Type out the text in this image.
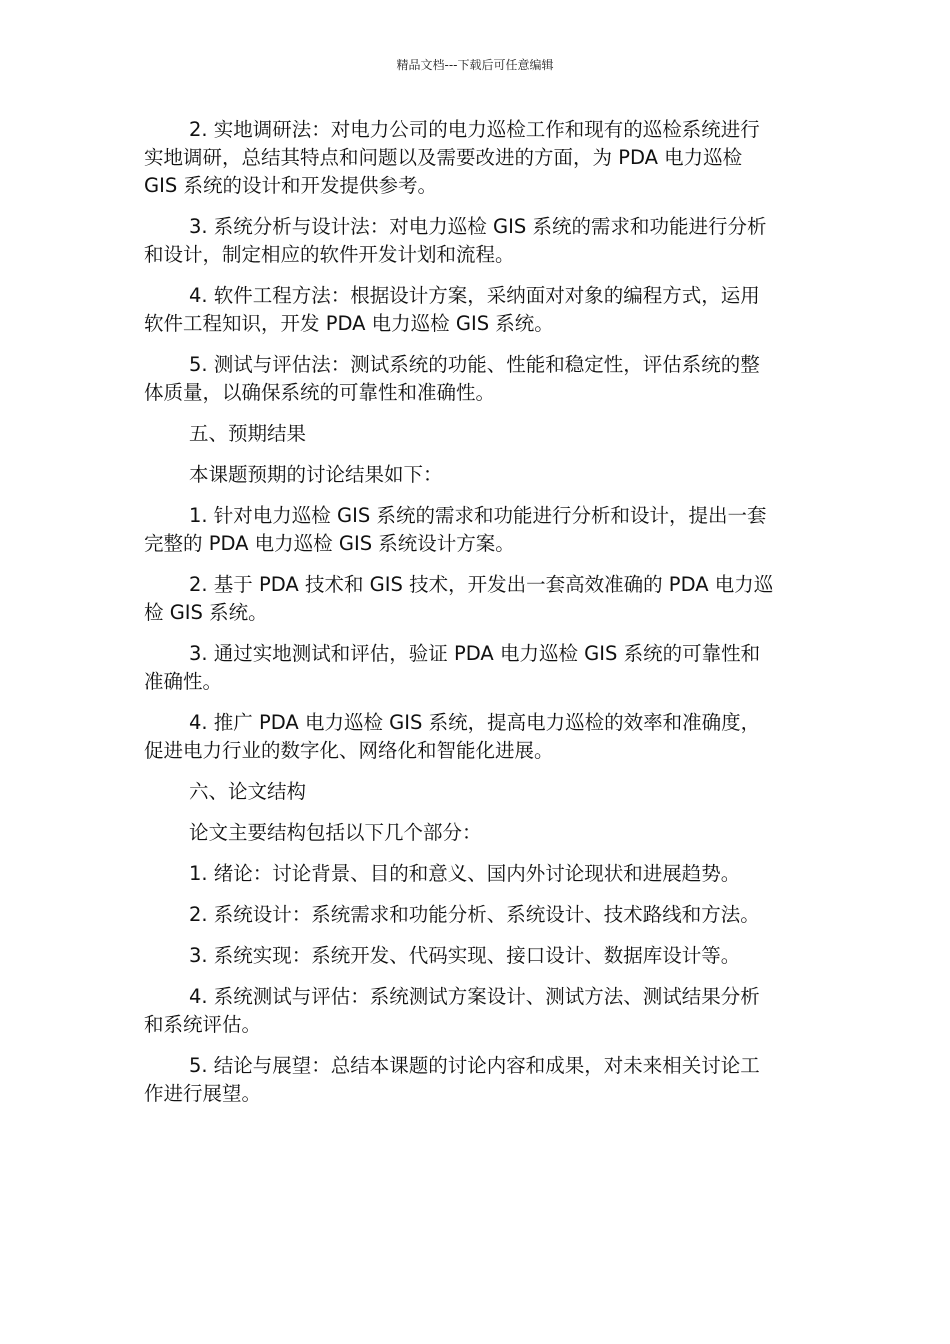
精品文档---下载后可任意编辑

2. 实地调研法：对电力公司的电力巡检工作和现有的巡检系统进行
实地调研，总结其特点和问题以及需要改进的方面，为 PDA 电力巡检
GIS 系统的设计和开发提供参考。

3. 系统分析与设计法：对电力巡检 GIS 系统的需求和功能进行分析
和设计，制定相应的软件开发计划和流程。

4. 软件工程方法：根据设计方案，采纳面对对象的编程方式，运用
软件工程知识，开发 PDA 电力巡检 GIS 系统。

5. 测试与评估法：测试系统的功能、性能和稳定性，评估系统的整
体质量，以确保系统的可靠性和准确性。

五、预期结果

本课题预期的讨论结果如下：

1. 针对电力巡检 GIS 系统的需求和功能进行分析和设计，提出一套
完整的 PDA 电力巡检 GIS 系统设计方案。

2. 基于 PDA 技术和 GIS 技术，开发出一套高效准确的 PDA 电力巡
检 GIS 系统。

3. 通过实地测试和评估，验证 PDA 电力巡检 GIS 系统的可靠性和
准确性。

4. 推广 PDA 电力巡检 GIS 系统，提高电力巡检的效率和准确度，
促进电力行业的数字化、网络化和智能化进展。

六、论文结构

论文主要结构包括以下几个部分：

1. 绪论：讨论背景、目的和意义、国内外讨论现状和进展趋势。

2. 系统设计：系统需求和功能分析、系统设计、技术路线和方法。

3. 系统实现：系统开发、代码实现、接口设计、数据库设计等。

4. 系统测试与评估：系统测试方案设计、测试方法、测试结果分析
和系统评估。

5. 结论与展望：总结本课题的讨论内容和成果，对未来相关讨论工
作进行展望。
